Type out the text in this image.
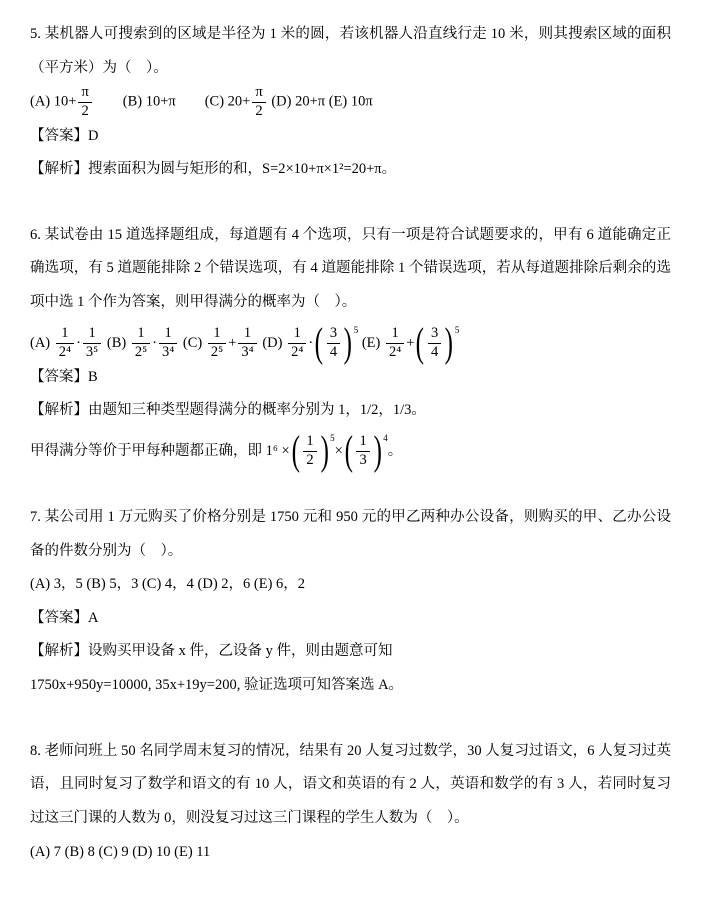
5. 某机器人可搜索到的区域是半径为 1 米的圆，若该机器人沿直线行走 10 米，则其搜索区域的面积（平方米）为（　）。

(A) $10+ \frac{\pi}{2}$ 　　(B) 10+π　　(C) $20+ \frac{\pi}{2} (D)$ 20+π (E) 10π

【答案】D

【解析】搜索面积为圆与矩形的和，S=2×10+π×1²=20+π。

6. 某试卷由 15 道选择题组成，每道题有 4 个选项，只有一项是符合试题要求的，甲有 6 道能确定正确选项，有 5 道题能排除 2 个错误选项，有 4 道题能排除 1 个错误选项，若从每道题排除后剩余的选项中选 1 个作为答案，则甲得满分的概率为（　）。

$(A) \frac{1}{\text{2⁴}} \cdot \frac{1}{\text{3⁵}} (B) \frac{1}{\text{2⁵}} \cdot \frac{1}{\text{3⁴}} (C) \frac{1}{\text{2⁵}} + \frac{1}{\text{3⁴}} (D) \frac{1}{\text{2⁴}}$ · ( $\frac{3}{4}$ ) $^5$ $(E) \frac{1}{\text{2⁴}}$ + ( $\frac{3}{4}$ ) $^5$

【答案】B

【解析】由题知三种类型题得满分的概率分别为 1，1/2，1/3。

甲得满分等价于甲每种题都正确，即 1⁶ × ( $\frac{1}{2}$ ) $^5$× ( $\frac{1}{3}$ ) $^4$。

7. 某公司用 1 万元购买了价格分别是 1750 元和 950 元的甲乙两种办公设备，则购买的甲、乙办公设备的件数分别为（　）。

(A) 3，5 (B) 5，3 (C) 4，4 (D) 2，6 (E) 6，2

【答案】A

【解析】设购买甲设备 x 件，乙设备 y 件，则由题意可知

1750x+950y=10000, 35x+19y=200, 验证选项可知答案选 A。

8. 老师问班上 50 名同学周末复习的情况，结果有 20 人复习过数学，30 人复习过语文，6 人复习过英语，且同时复习了数学和语文的有 10 人，语文和英语的有 2 人，英语和数学的有 3 人，若同时复习过这三门课的人数为 0，则没复习过这三门课程的学生人数为（　）。

(A) 7 (B) 8 (C) 9 (D) 10 (E) 11
